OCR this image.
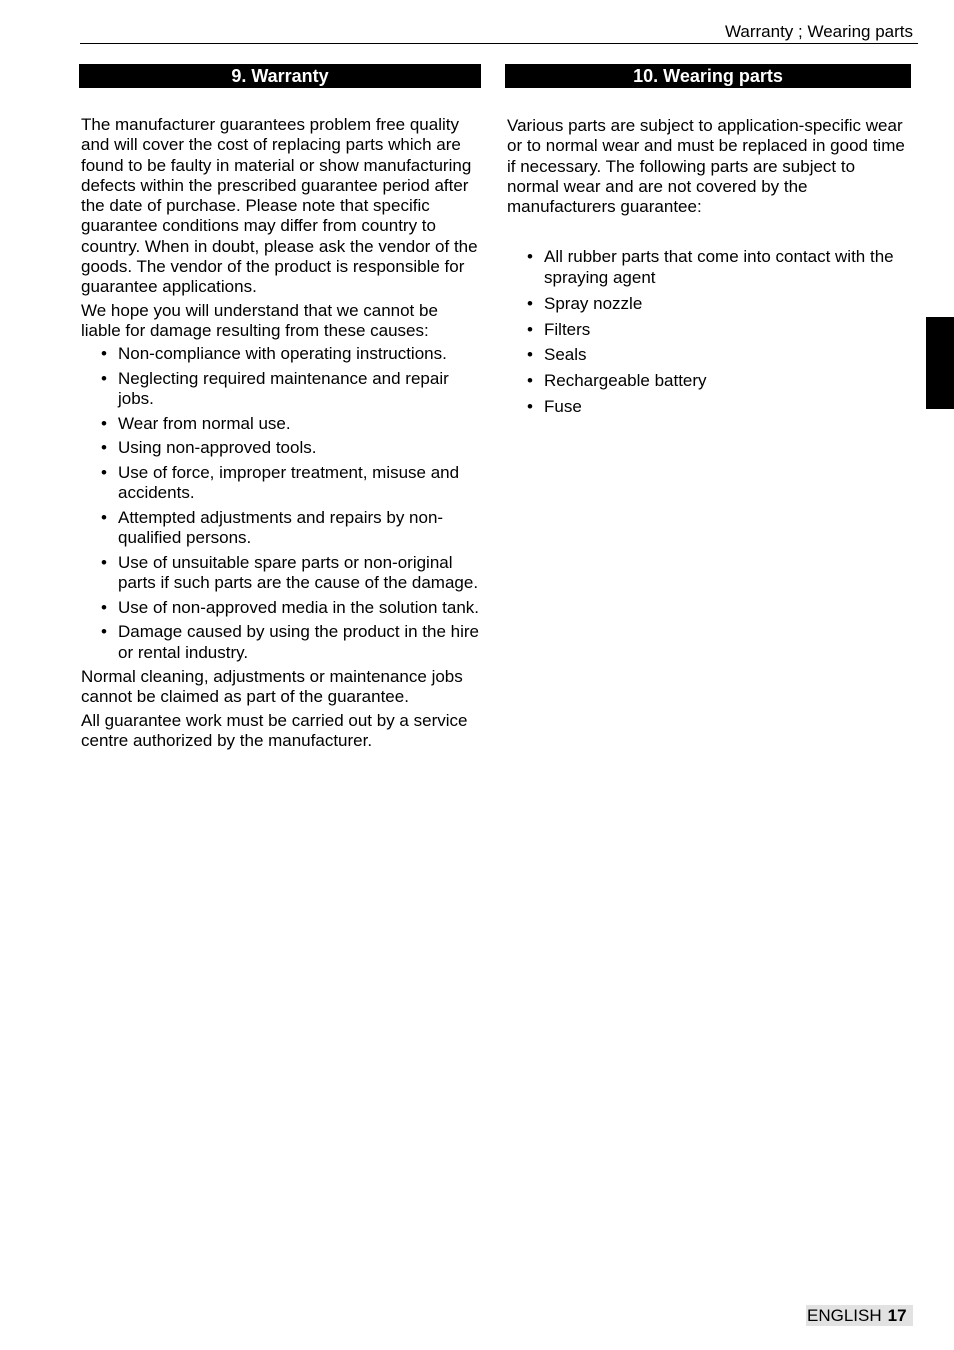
Warranty ; Wearing parts
9. Warranty	10. Wearing parts

The manufacturer guarantees problem free quality and will cover the cost of replacing parts which are found to be faulty in material or show manufacturing defects within the prescribed guarantee period after the date of purchase. Please note that specific guarantee conditions may differ from country to country. When in doubt, please ask the vendor of the goods. The vendor of the product is responsible for guarantee applications.

We hope you will understand that we cannot be liable for damage resulting from these causes:

• Non-compliance with operating instructions.
• Neglecting required maintenance and repair jobs.
• Wear from normal use.
• Using non-approved tools.
• Use of force, improper treatment, misuse and accidents.
• Attempted adjustments and repairs by non-qualified persons.
• Use of unsuitable spare parts or non-original parts if such parts are the cause of the damage.
• Use of non-approved media in the solution tank.
• Damage caused by using the product in the hire or rental industry.

Normal cleaning, adjustments or maintenance jobs cannot be claimed as part of the guarantee.

All guarantee work must be carried out by a service centre authorized by the manufacturer.

Various parts are subject to application-specific wear or to normal wear and must be replaced in good time if necessary. The following parts are subject to normal wear and are not covered by the manufacturers guarantee:

• All rubber parts that come into contact with the spraying agent
• Spray nozzle
• Filters
• Seals
• Rechargeable battery
• Fuse
ENGLISH 17
